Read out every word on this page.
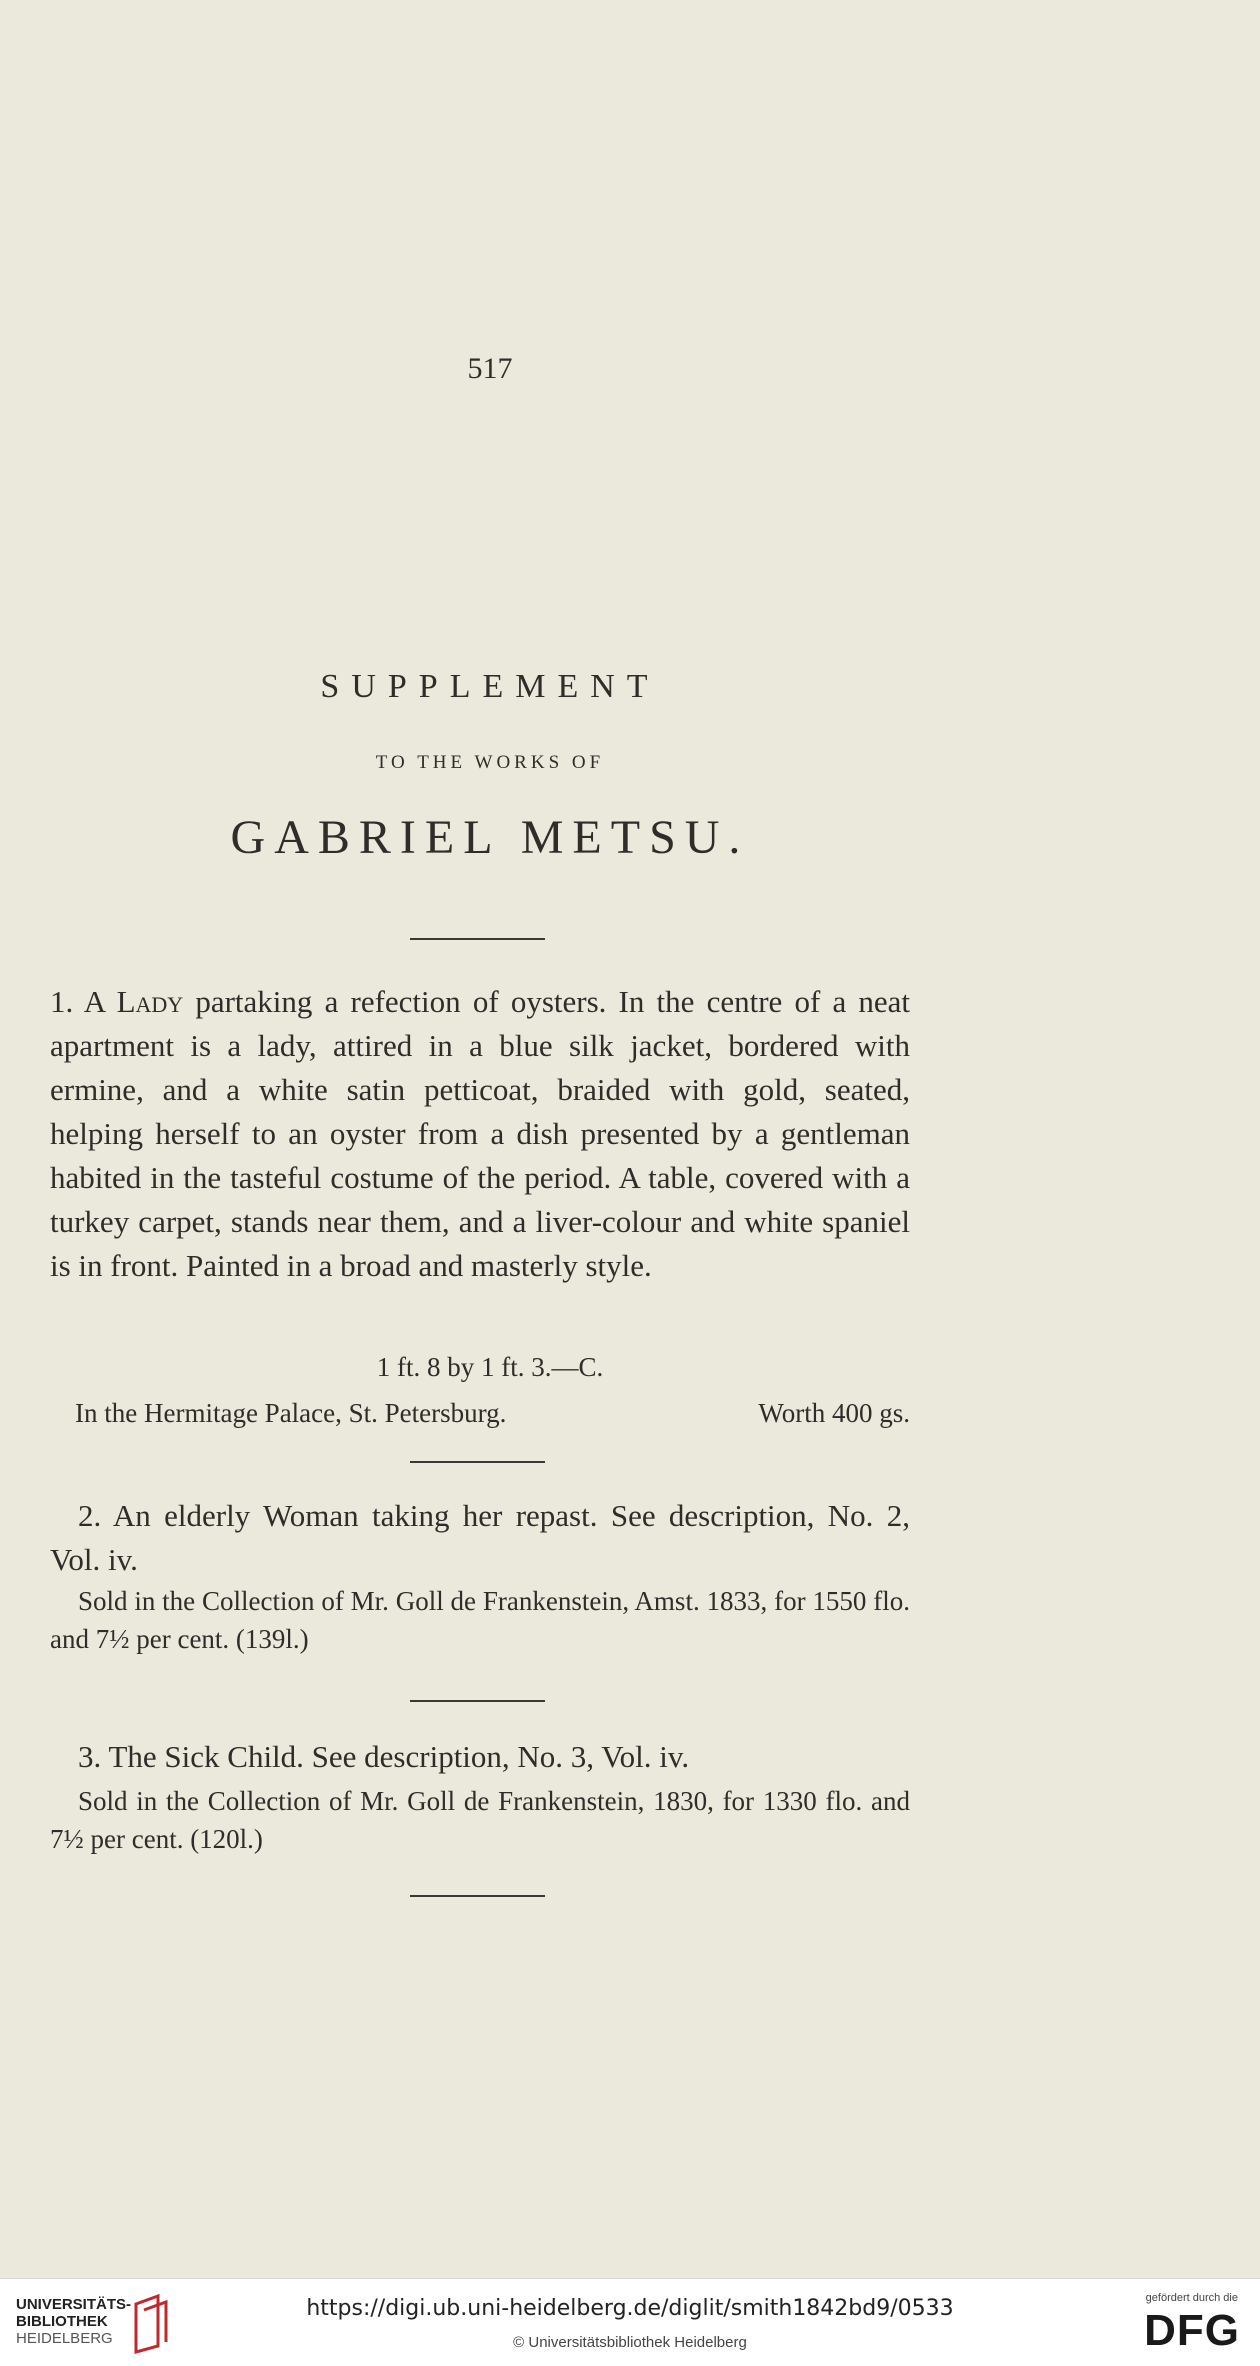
517
SUPPLEMENT
TO THE WORKS OF
GABRIEL METSU.
1. A Lady partaking a refection of oysters. In the centre of a neat apartment is a lady, attired in a blue silk jacket, bordered with ermine, and a white satin petticoat, braided with gold, seated, helping herself to an oyster from a dish presented by a gentleman habited in the tasteful costume of the period. A table, covered with a turkey carpet, stands near them, and a liver-colour and white spaniel is in front. Painted in a broad and masterly style.
1 ft. 8 by 1 ft. 3.—C.
In the Hermitage Palace, St. Petersburg.	Worth 400 gs.
2. An elderly Woman taking her repast. See description, No. 2, Vol. iv.
Sold in the Collection of Mr. Goll de Frankenstein, Amst. 1833, for 1550 flo. and 7½ per cent. (139l.)
3. The Sick Child. See description, No. 3, Vol. iv.
Sold in the Collection of Mr. Goll de Frankenstein, 1830, for 1330 flo. and 7½ per cent. (120l.)
UNIVERSITÄTS-
BIBLIOTHEK
HEIDELBERG
https://digi.ub.uni-heidelberg.de/diglit/smith1842bd9/0533
© Universitätsbibliothek Heidelberg
gefördert durch die
DFG
